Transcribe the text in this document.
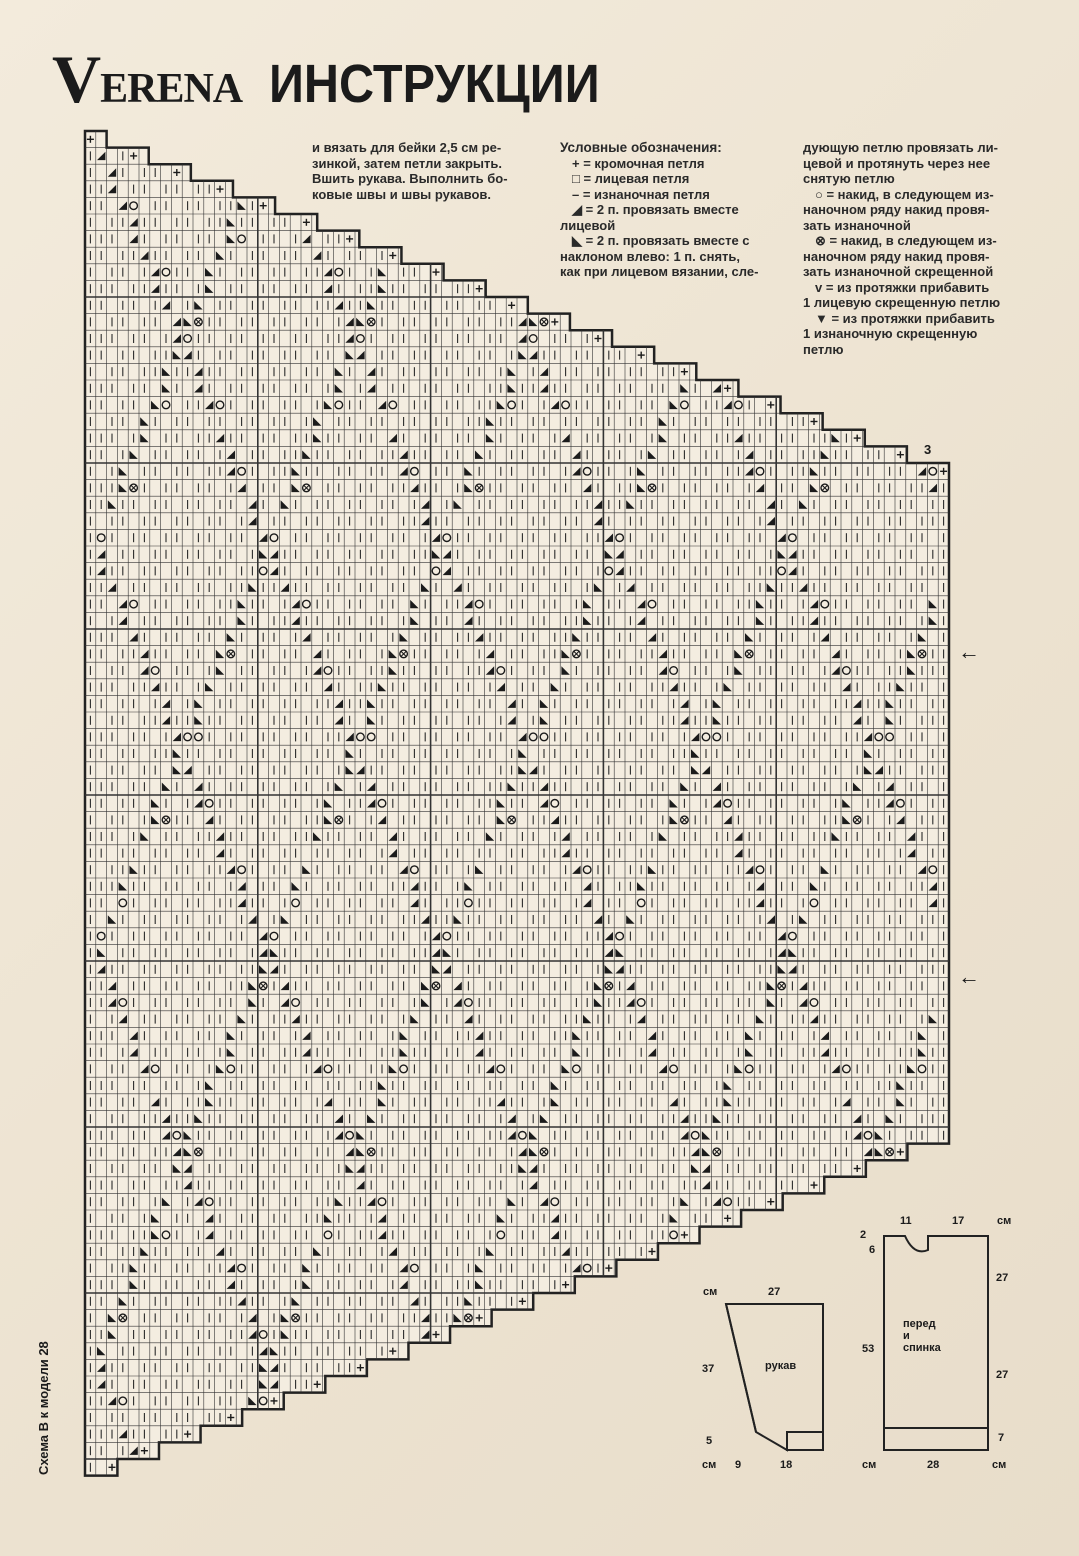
VERENA ИНСТРУКЦИИ
и вязать для бейки 2,5 см ре-
зинкой, затем петли закрыть.
Вшить рукава. Выполнить бо-
ковые швы и швы рукавов.
Условные обозначения:
+ = кромочная петля
□ = лицевая петля
– = изнаночная петля
◢ = 2 п. провязать вместе
лицевой
◣ = 2 п. провязать вместе с
наклоном влево: 1 п. снять,
как при лицевом вязании, сле-
дующую петлю провязать ли-
цевой и протянуть через нее
снятую петлю
○ = накид, в следующем из-
наночном ряду накид провя-
зать изнаночной
⊗ = накид, в следующем из-
наночном ряду накид провя-
зать изнаночной скрещенной
v = из протяжки прибавить
1 лицевую скрещенную петлю
▼ = из протяжки прибавить
1 изнаночную скрещенную
петлю
Схема В к модели 28
3
←
←
см	27
37	рукав
5
см 9	18
11	17	см
2
6
27
53
перед
и
спинка
27
7
см	28	см
